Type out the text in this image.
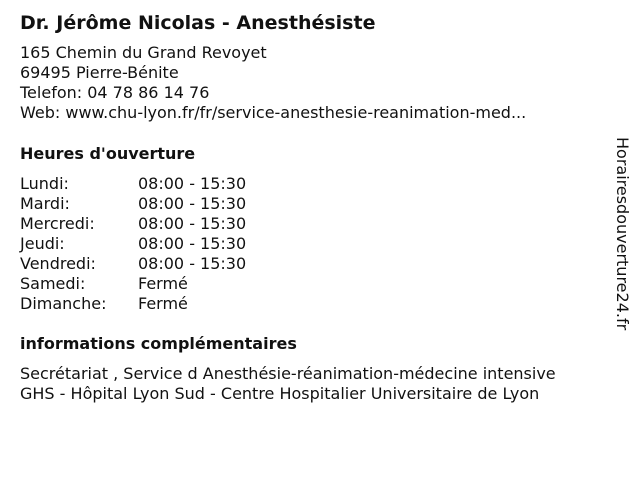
Dr. Jérôme Nicolas - Anesthésiste
165 Chemin du Grand Revoyet
69495 Pierre-Bénite
Telefon: 04 78 86 14 76
Web: www.chu-lyon.fr/fr/service-anesthesie-reanimation-med...
Heures d'ouverture
Lundi:	08:00 - 15:30
Mardi:	08:00 - 15:30
Mercredi:	08:00 - 15:30
Jeudi:	08:00 - 15:30
Vendredi:	08:00 - 15:30
Samedi:	Fermé
Dimanche: Fermé
informations complémentaires
Secrétariat , Service d Anesthésie-réanimation-médecine intensive
GHS - Hôpital Lyon Sud - Centre Hospitalier Universitaire de Lyon
Horairesdouverture24.fr
